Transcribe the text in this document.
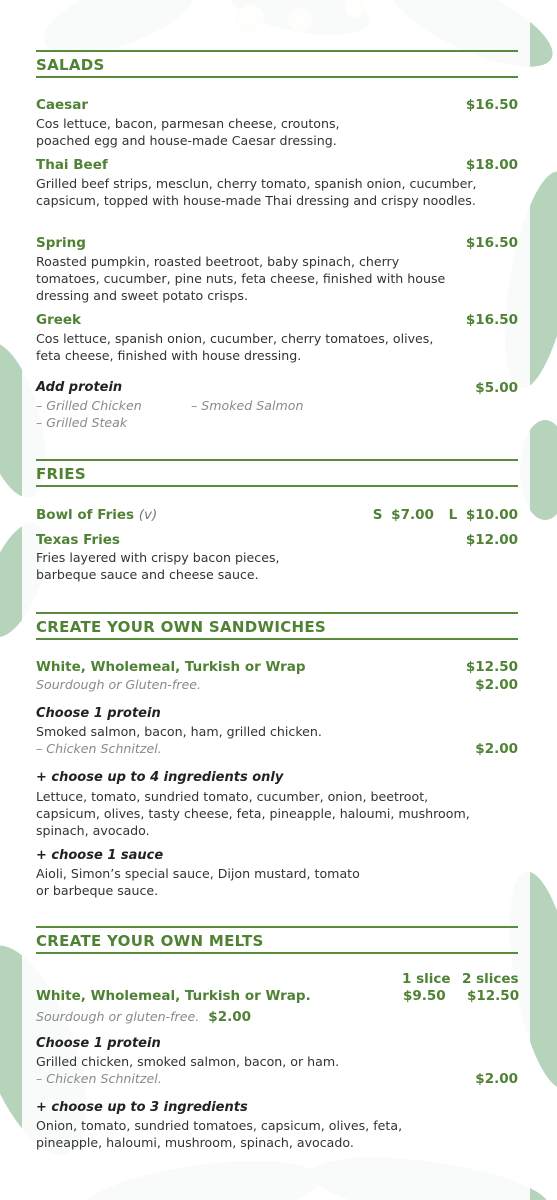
SALADS
Caesar	$16.50
Cos lettuce, bacon, parmesan cheese, croutons, poached egg and house-made Caesar dressing.
Thai Beef	$18.00
Grilled beef strips, mesclun, cherry tomato, spanish onion, cucumber, capsicum, topped with house-made Thai dressing and crispy noodles.
Spring	$16.50
Roasted pumpkin, roasted beetroot, baby spinach, cherry tomatoes, cucumber, pine nuts, feta cheese, finished with house dressing and sweet potato crisps.
Greek	$16.50
Cos lettuce, spanish onion, cucumber, cherry tomatoes, olives, feta cheese, finished with house dressing.
Add protein	$5.00
– Grilled Chicken	– Smoked Salmon
– Grilled Steak
FRIES
Bowl of Fries (v)	S $7.00 L $10.00
Texas Fries	$12.00
Fries layered with crispy bacon pieces,
barbeque sauce and cheese sauce.
CREATE YOUR OWN SANDWICHES
White, Wholemeal, Turkish or Wrap	$12.50
Sourdough or Gluten-free.	$2.00
Choose 1 protein
Smoked salmon, bacon, ham, grilled chicken.
– Chicken Schnitzel.	$2.00
+ choose up to 4 ingredients only
Lettuce, tomato, sundried tomato, cucumber, onion, beetroot, capsicum, olives, tasty cheese, feta, pineapple, haloumi, mushroom, spinach, avocado.
+ choose 1 sauce
Aioli, Simon’s special sauce, Dijon mustard, tomato
or barbeque sauce.
CREATE YOUR OWN MELTS
1 slice 2 slices
White, Wholemeal, Turkish or Wrap.	$9.50 $12.50
Sourdough or gluten-free. $2.00
Choose 1 protein
Grilled chicken, smoked salmon, bacon, or ham.
– Chicken Schnitzel.	$2.00
+ choose up to 3 ingredients
Onion, tomato, sundried tomatoes, capsicum, olives, feta,
pineapple, haloumi, mushroom, spinach, avocado.
